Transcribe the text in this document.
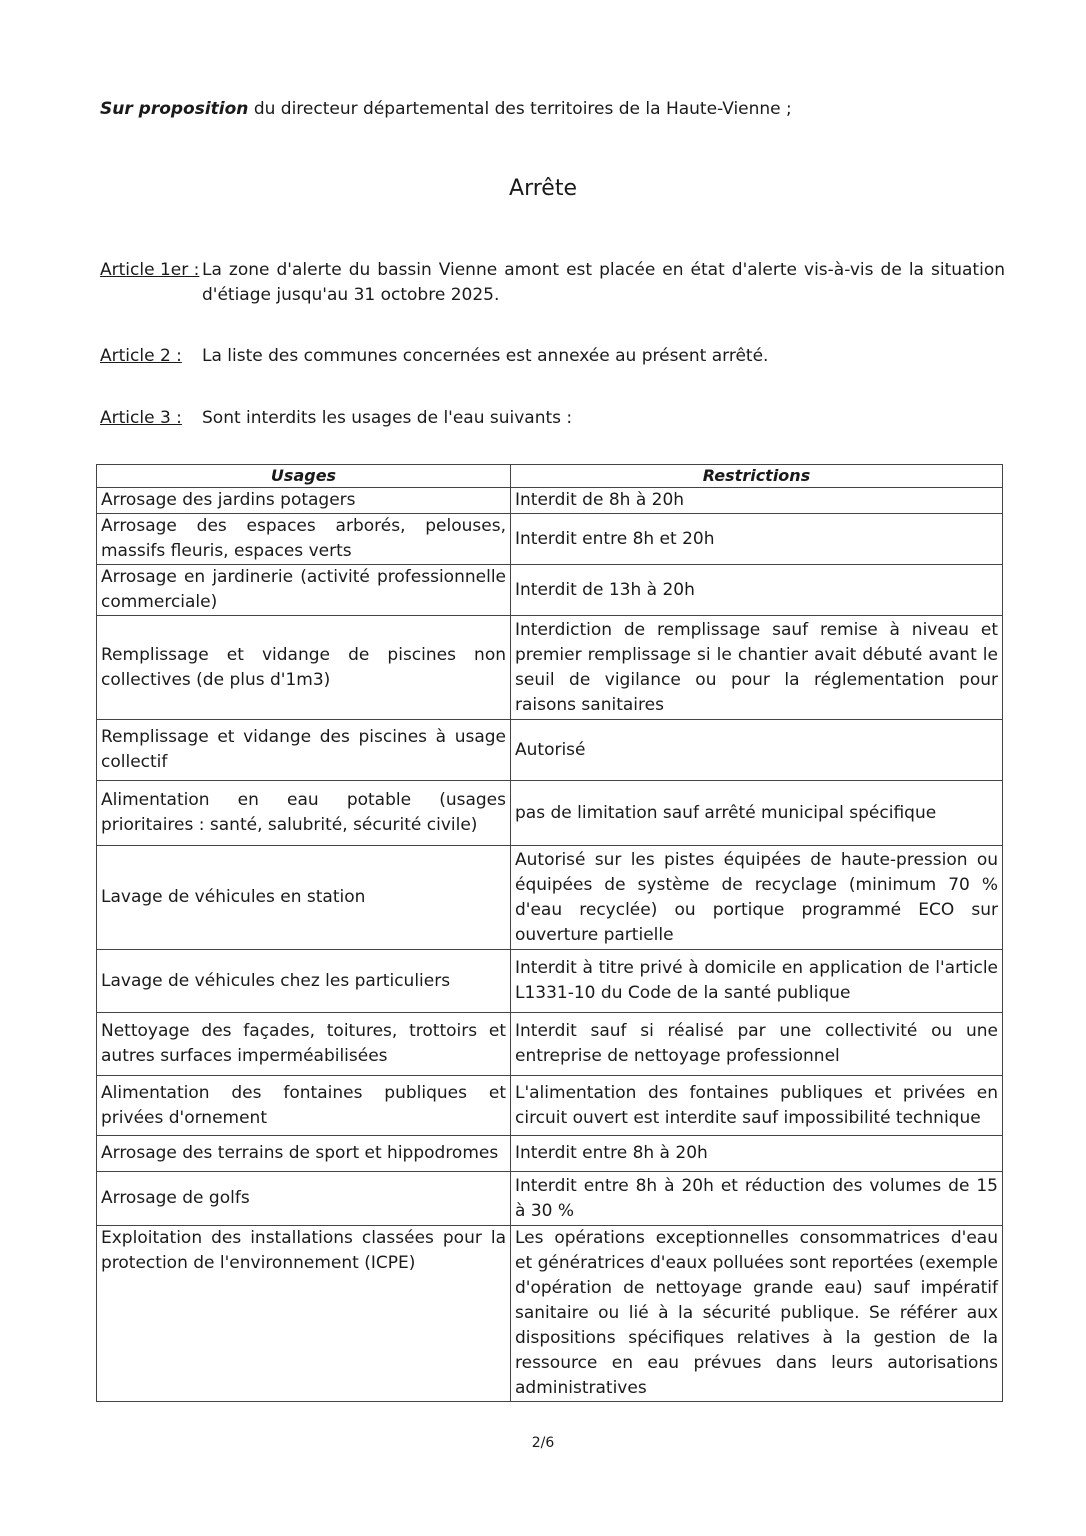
Sur proposition du directeur départemental des territoires de la Haute-Vienne ;
Arrête
Article 1er : La zone d'alerte du bassin Vienne amont est placée en état d'alerte vis-à-vis de la situation d'étiage jusqu'au 31 octobre 2025.
Article 2 :	La liste des communes concernées est annexée au présent arrêté.
Article 3 :	Sont interdits les usages de l'eau suivants :
Usages	Restrictions
Arrosage des jardins potagers	Interdit de 8h à 20h
Arrosage des espaces arborés, pelouses, massifs fleuris, espaces verts	Interdit entre 8h et 20h
Arrosage en jardinerie (activité professionnelle commerciale)	Interdit de 13h à 20h
Remplissage et vidange de piscines non collectives (de plus d'1m3)	Interdiction de remplissage sauf remise à niveau et premier remplissage si le chantier avait débuté avant le seuil de vigilance ou pour la réglementation pour raisons sanitaires
Remplissage et vidange des piscines à usage collectif	Autorisé
Alimentation en eau potable (usages prioritaires : santé, salubrité, sécurité civile)	pas de limitation sauf arrêté municipal spécifique
Lavage de véhicules en station	Autorisé sur les pistes équipées de haute-pression ou équipées de système de recyclage (minimum 70 % d'eau recyclée) ou portique programmé ECO sur ouverture partielle
Lavage de véhicules chez les particuliers	Interdit à titre privé à domicile en application de l'article L1331-10 du Code de la santé publique
Nettoyage des façades, toitures, trottoirs et autres surfaces imperméabilisées	Interdit sauf si réalisé par une collectivité ou une entreprise de nettoyage professionnel
Alimentation des fontaines publiques et privées d'ornement	L'alimentation des fontaines publiques et privées en circuit ouvert est interdite sauf impossibilité technique
Arrosage des terrains de sport et hippodromes	Interdit entre 8h à 20h
Arrosage de golfs	Interdit entre 8h à 20h et réduction des volumes de 15 à 30 %
Exploitation des installations classées pour la protection de l'environnement (ICPE)	Les opérations exceptionnelles consommatrices d'eau et génératrices d'eaux polluées sont reportées (exemple d'opération de nettoyage grande eau) sauf impératif sanitaire ou lié à la sécurité publique. Se référer aux dispositions spécifiques relatives à la gestion de la ressource en eau prévues dans leurs autorisations administratives
2/6
